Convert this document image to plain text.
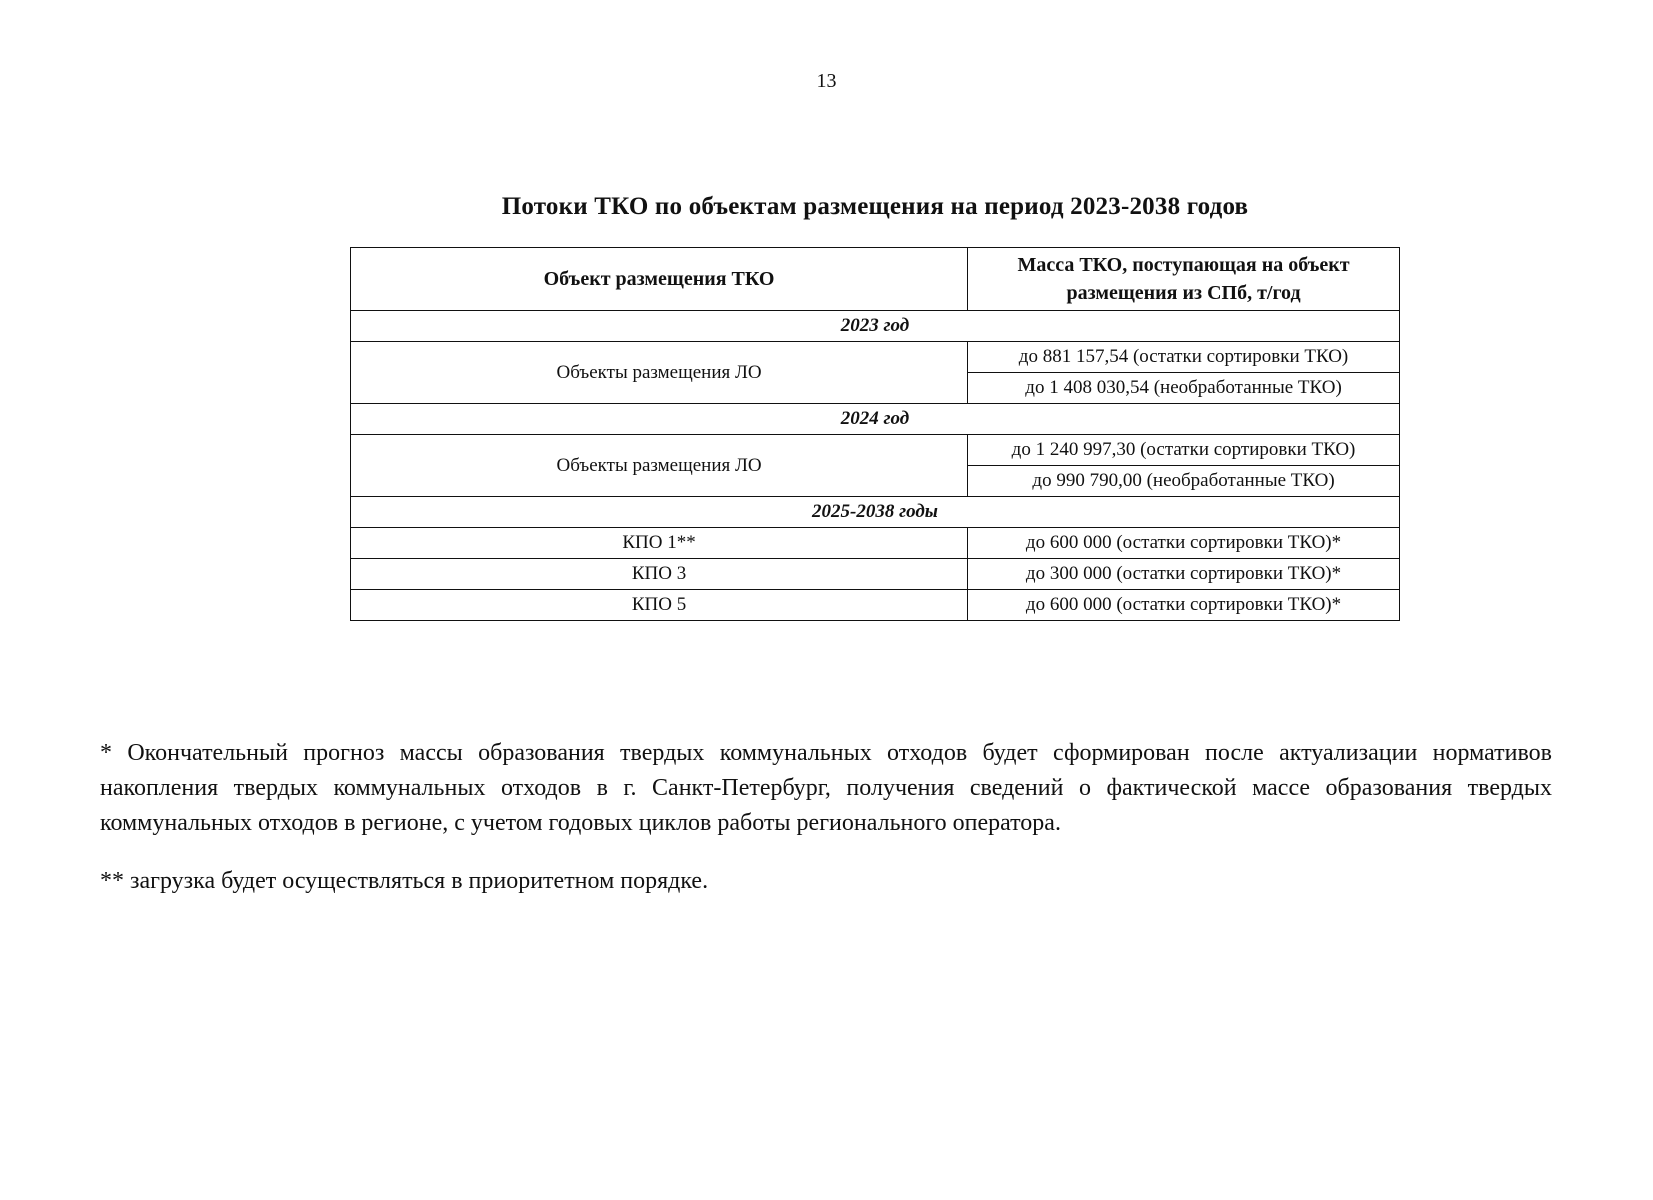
13
Потоки ТКО по объектам размещения на период 2023-2038 годов
Объект размещения ТКО	Масса ТКО, поступающая на объект размещения из СПб, т/год
2023 год	
Объекты размещения ЛО	до 881 157,54 (остатки сортировки ТКО)
	до 1 408 030,54 (необработанные ТКО)
2024 год	
Объекты размещения ЛО	до 1 240 997,30 (остатки сортировки ТКО)
	до 990 790,00 (необработанные ТКО)
2025-2038 годы	
КПО 1**	до 600 000 (остатки сортировки ТКО)*
КПО 3	до 300 000 (остатки сортировки ТКО)*
КПО 5	до 600 000 (остатки сортировки ТКО)*

* Окончательный прогноз массы образования твердых коммунальных отходов будет сформирован после актуализации нормативов накопления твердых коммунальных отходов в г. Санкт-Петербург, получения сведений о фактической массе образования твердых коммунальных отходов в регионе, с учетом годовых циклов работы регионального оператора.

** загрузка будет осуществляться в приоритетном порядке.
